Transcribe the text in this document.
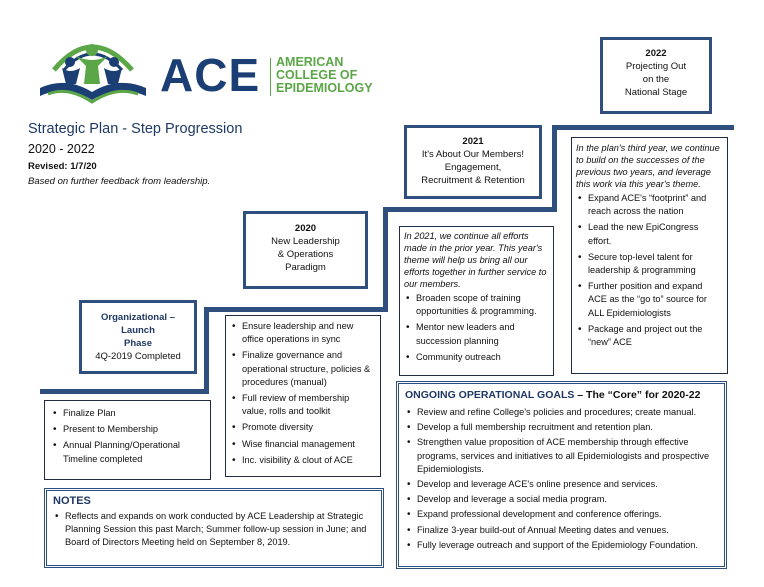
ACE AMERICAN
COLLEGE OF
EPIDEMIOLOGY
Strategic Plan - Step Progression
2020 - 2022
Revised: 1/7/20
Based on further feedback from leadership.
Organizational –
Launch
Phase
4Q-2019 Completed
• Finalize Plan
• Present to Membership
• Annual Planning/Operational Timeline completed
2020
New Leadership
& Operations
Paradigm
• Ensure leadership and new office operations in sync
• Finalize governance and operational structure, policies & procedures (manual)
• Full review of membership value, rolls and toolkit
• Promote diversity
• Wise financial management
• Inc. visibility & clout of ACE
2021
It's About Our Members!
Engagement,
Recruitment & Retention
In 2021, we continue all efforts made in the prior year. This year's theme will help us bring all our efforts together in further service to our members.
• Broaden scope of training opportunities & programming.
• Mentor new leaders and succession planning
• Community outreach
2022
Projecting Out
on the
National Stage
In the plan's third year, we continue to build on the successes of the previous two years, and leverage this work via this year's theme.
• Expand ACE's “footprint” and reach across the nation
• Lead the new EpiCongress effort.
• Secure top-level talent for leadership & programming
• Further position and expand ACE as the “go to” source for ALL Epidemiologists
• Package and project out the “new” ACE
NOTES
• Reflects and expands on work conducted by ACE Leadership at Strategic Planning Session this past March; Summer follow-up session in June; and Board of Directors Meeting held on September 8, 2019.
ONGOING OPERATIONAL GOALS – The “Core” for 2020-22
• Review and refine College's policies and procedures; create manual.
• Develop a full membership recruitment and retention plan.
• Strengthen value proposition of ACE membership through effective programs, services and initiatives to all Epidemiologists and prospective Epidemiologists.
• Develop and leverage ACE's online presence and services.
• Develop and leverage a social media program.
• Expand professional development and conference offerings.
• Finalize 3-year build-out of Annual Meeting dates and venues.
• Fully leverage outreach and support of the Epidemiology Foundation.
